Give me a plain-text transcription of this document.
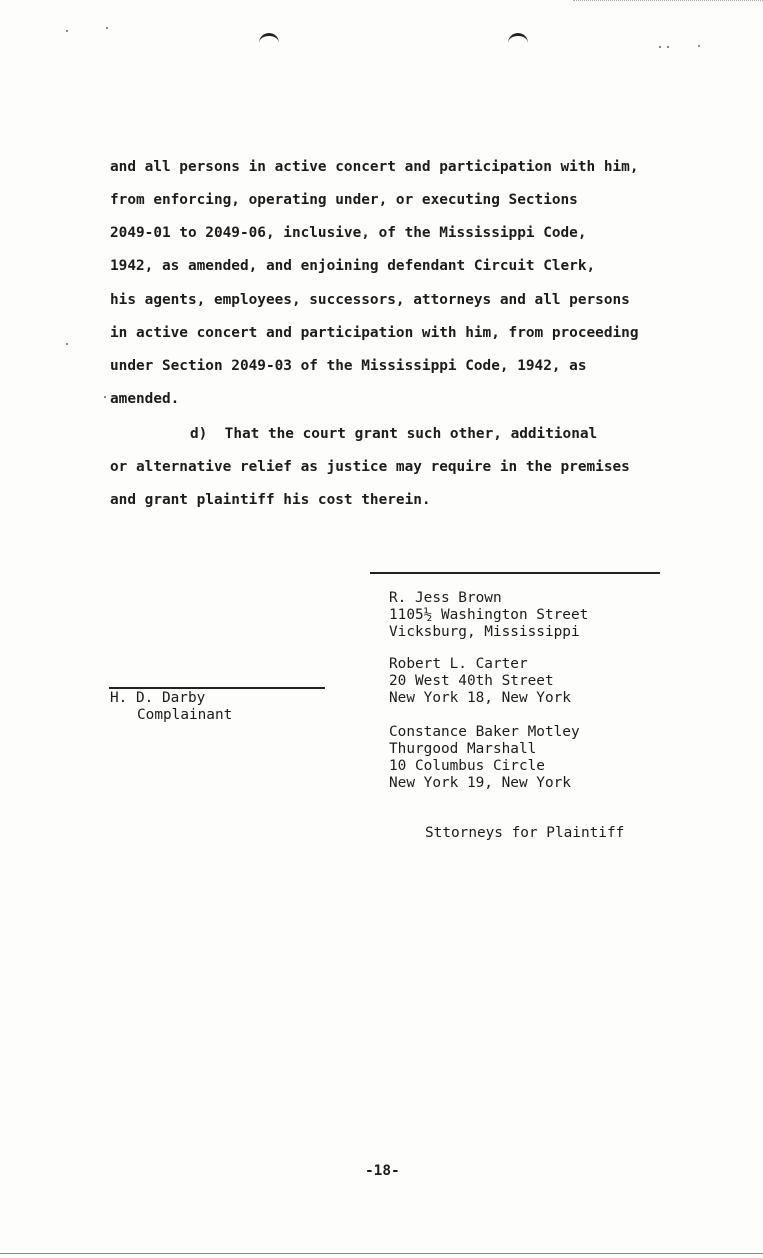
and all persons in active concert and participation with him,
from enforcing, operating under, or executing Sections
2049-01 to 2049-06, inclusive, of the Mississippi Code,
1942, as amended, and enjoining defendant Circuit Clerk,
his agents, employees, successors, attorneys and all persons
in active concert and participation with him, from proceeding
under Section 2049-03 of the Mississippi Code, 1942, as
amended.
d)  That the court grant such other, additional
or alternative relief as justice may require in the premises
and grant plaintiff his cost therein.
R. Jess Brown
1105½ Washington Street
Vicksburg, Mississippi
Robert L. Carter
20 West 40th Street
New York 18, New York
H. D. Darby
Complainant
Constance Baker Motley
Thurgood Marshall
10 Columbus Circle
New York 19, New York
Sttorneys for Plaintiff
-18-
